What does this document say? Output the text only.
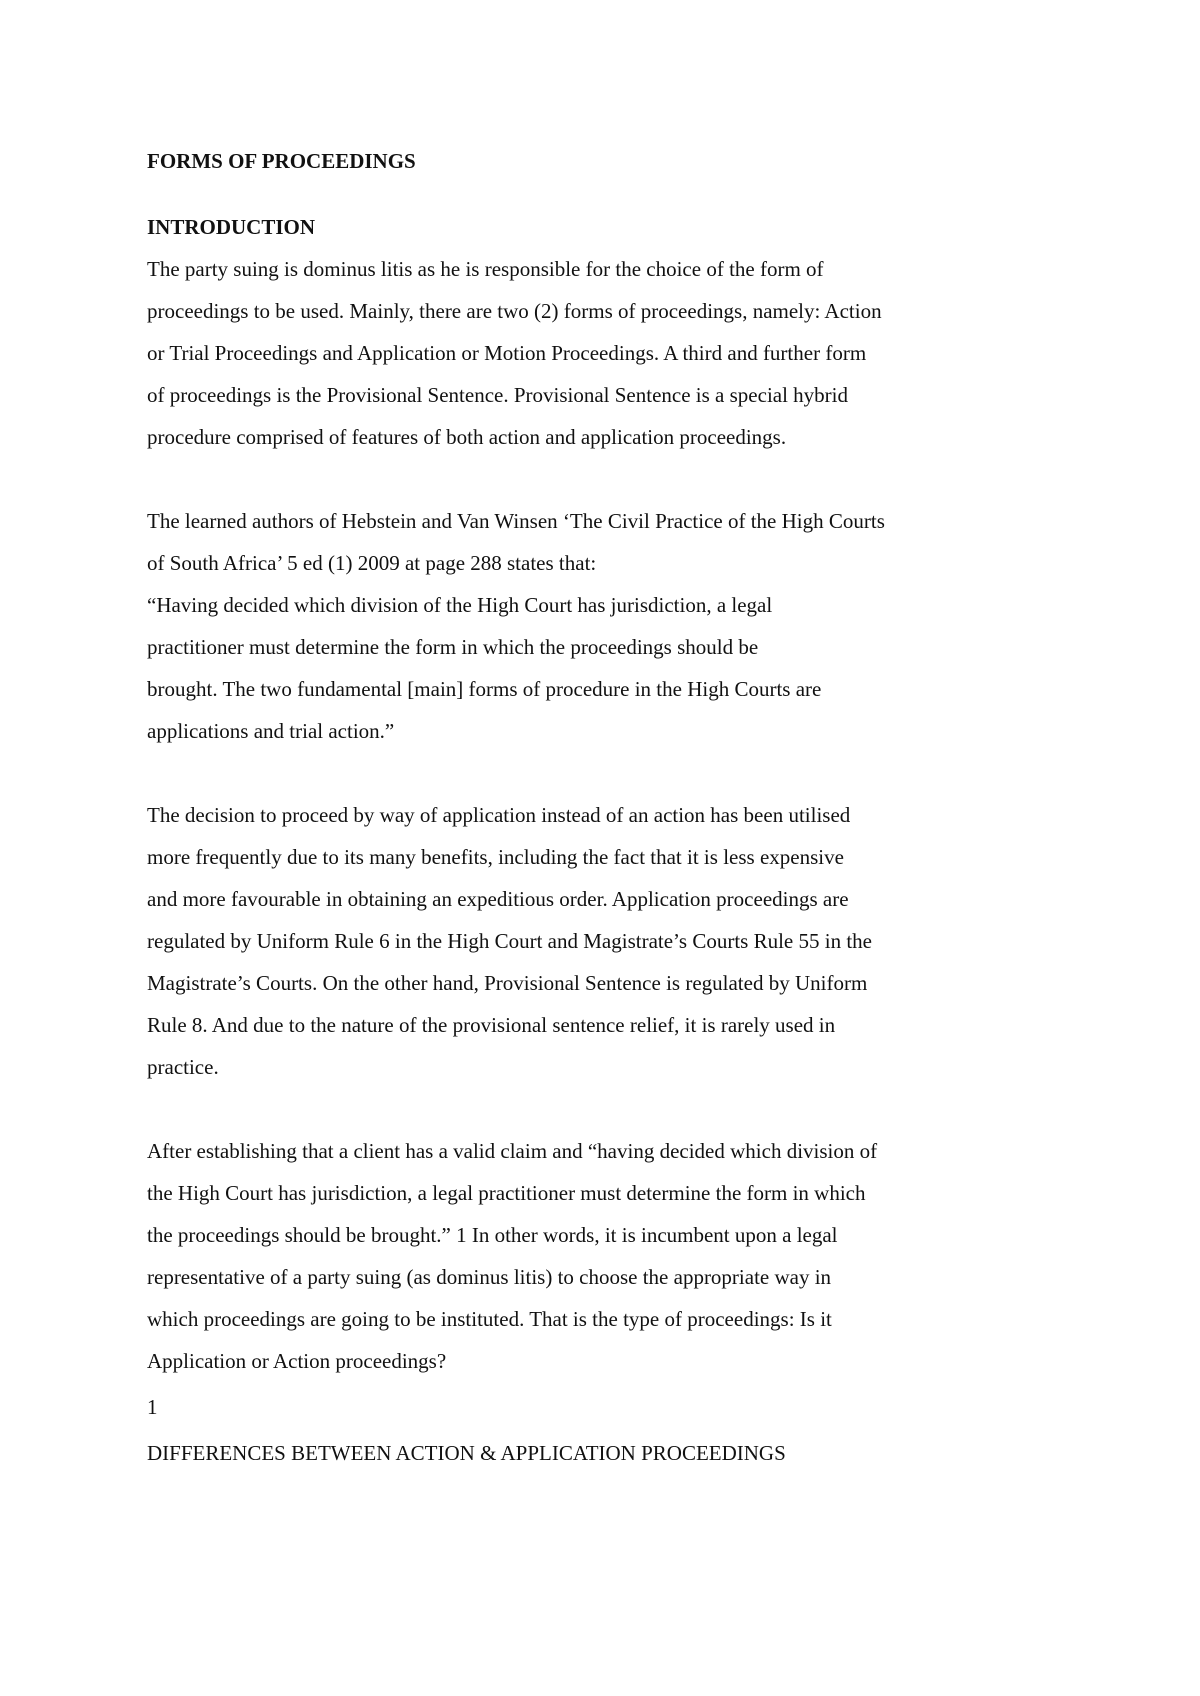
FORMS OF PROCEEDINGS

INTRODUCTION

The party suing is dominus litis as he is responsible for the choice of the form of
proceedings to be used. Mainly, there are two (2) forms of proceedings, namely: Action
or Trial Proceedings and Application or Motion Proceedings. A third and further form
of proceedings is the Provisional Sentence. Provisional Sentence is a special hybrid
procedure comprised of features of both action and application proceedings.

The learned authors of Hebstein and Van Winsen ‘The Civil Practice of the High Courts
of South Africa’ 5 ed (1) 2009 at page 288 states that:
“Having decided which division of the High Court has jurisdiction, a legal
practitioner must determine the form in which the proceedings should be
brought. The two fundamental [main] forms of procedure in the High Courts are
applications and trial action.”

The decision to proceed by way of application instead of an action has been utilised
more frequently due to its many benefits, including the fact that it is less expensive
and more favourable in obtaining an expeditious order. Application proceedings are
regulated by Uniform Rule 6 in the High Court and Magistrate’s Courts Rule 55 in the
Magistrate’s Courts. On the other hand, Provisional Sentence is regulated by Uniform
Rule 8. And due to the nature of the provisional sentence relief, it is rarely used in
practice.

After establishing that a client has a valid claim and “having decided which division of
the High Court has jurisdiction, a legal practitioner must determine the form in which
the proceedings should be brought.” 1 In other words, it is incumbent upon a legal
representative of a party suing (as dominus litis) to choose the appropriate way in
which proceedings are going to be instituted. That is the type of proceedings: Is it
Application or Action proceedings?

1

DIFFERENCES BETWEEN ACTION & APPLICATION PROCEEDINGS
